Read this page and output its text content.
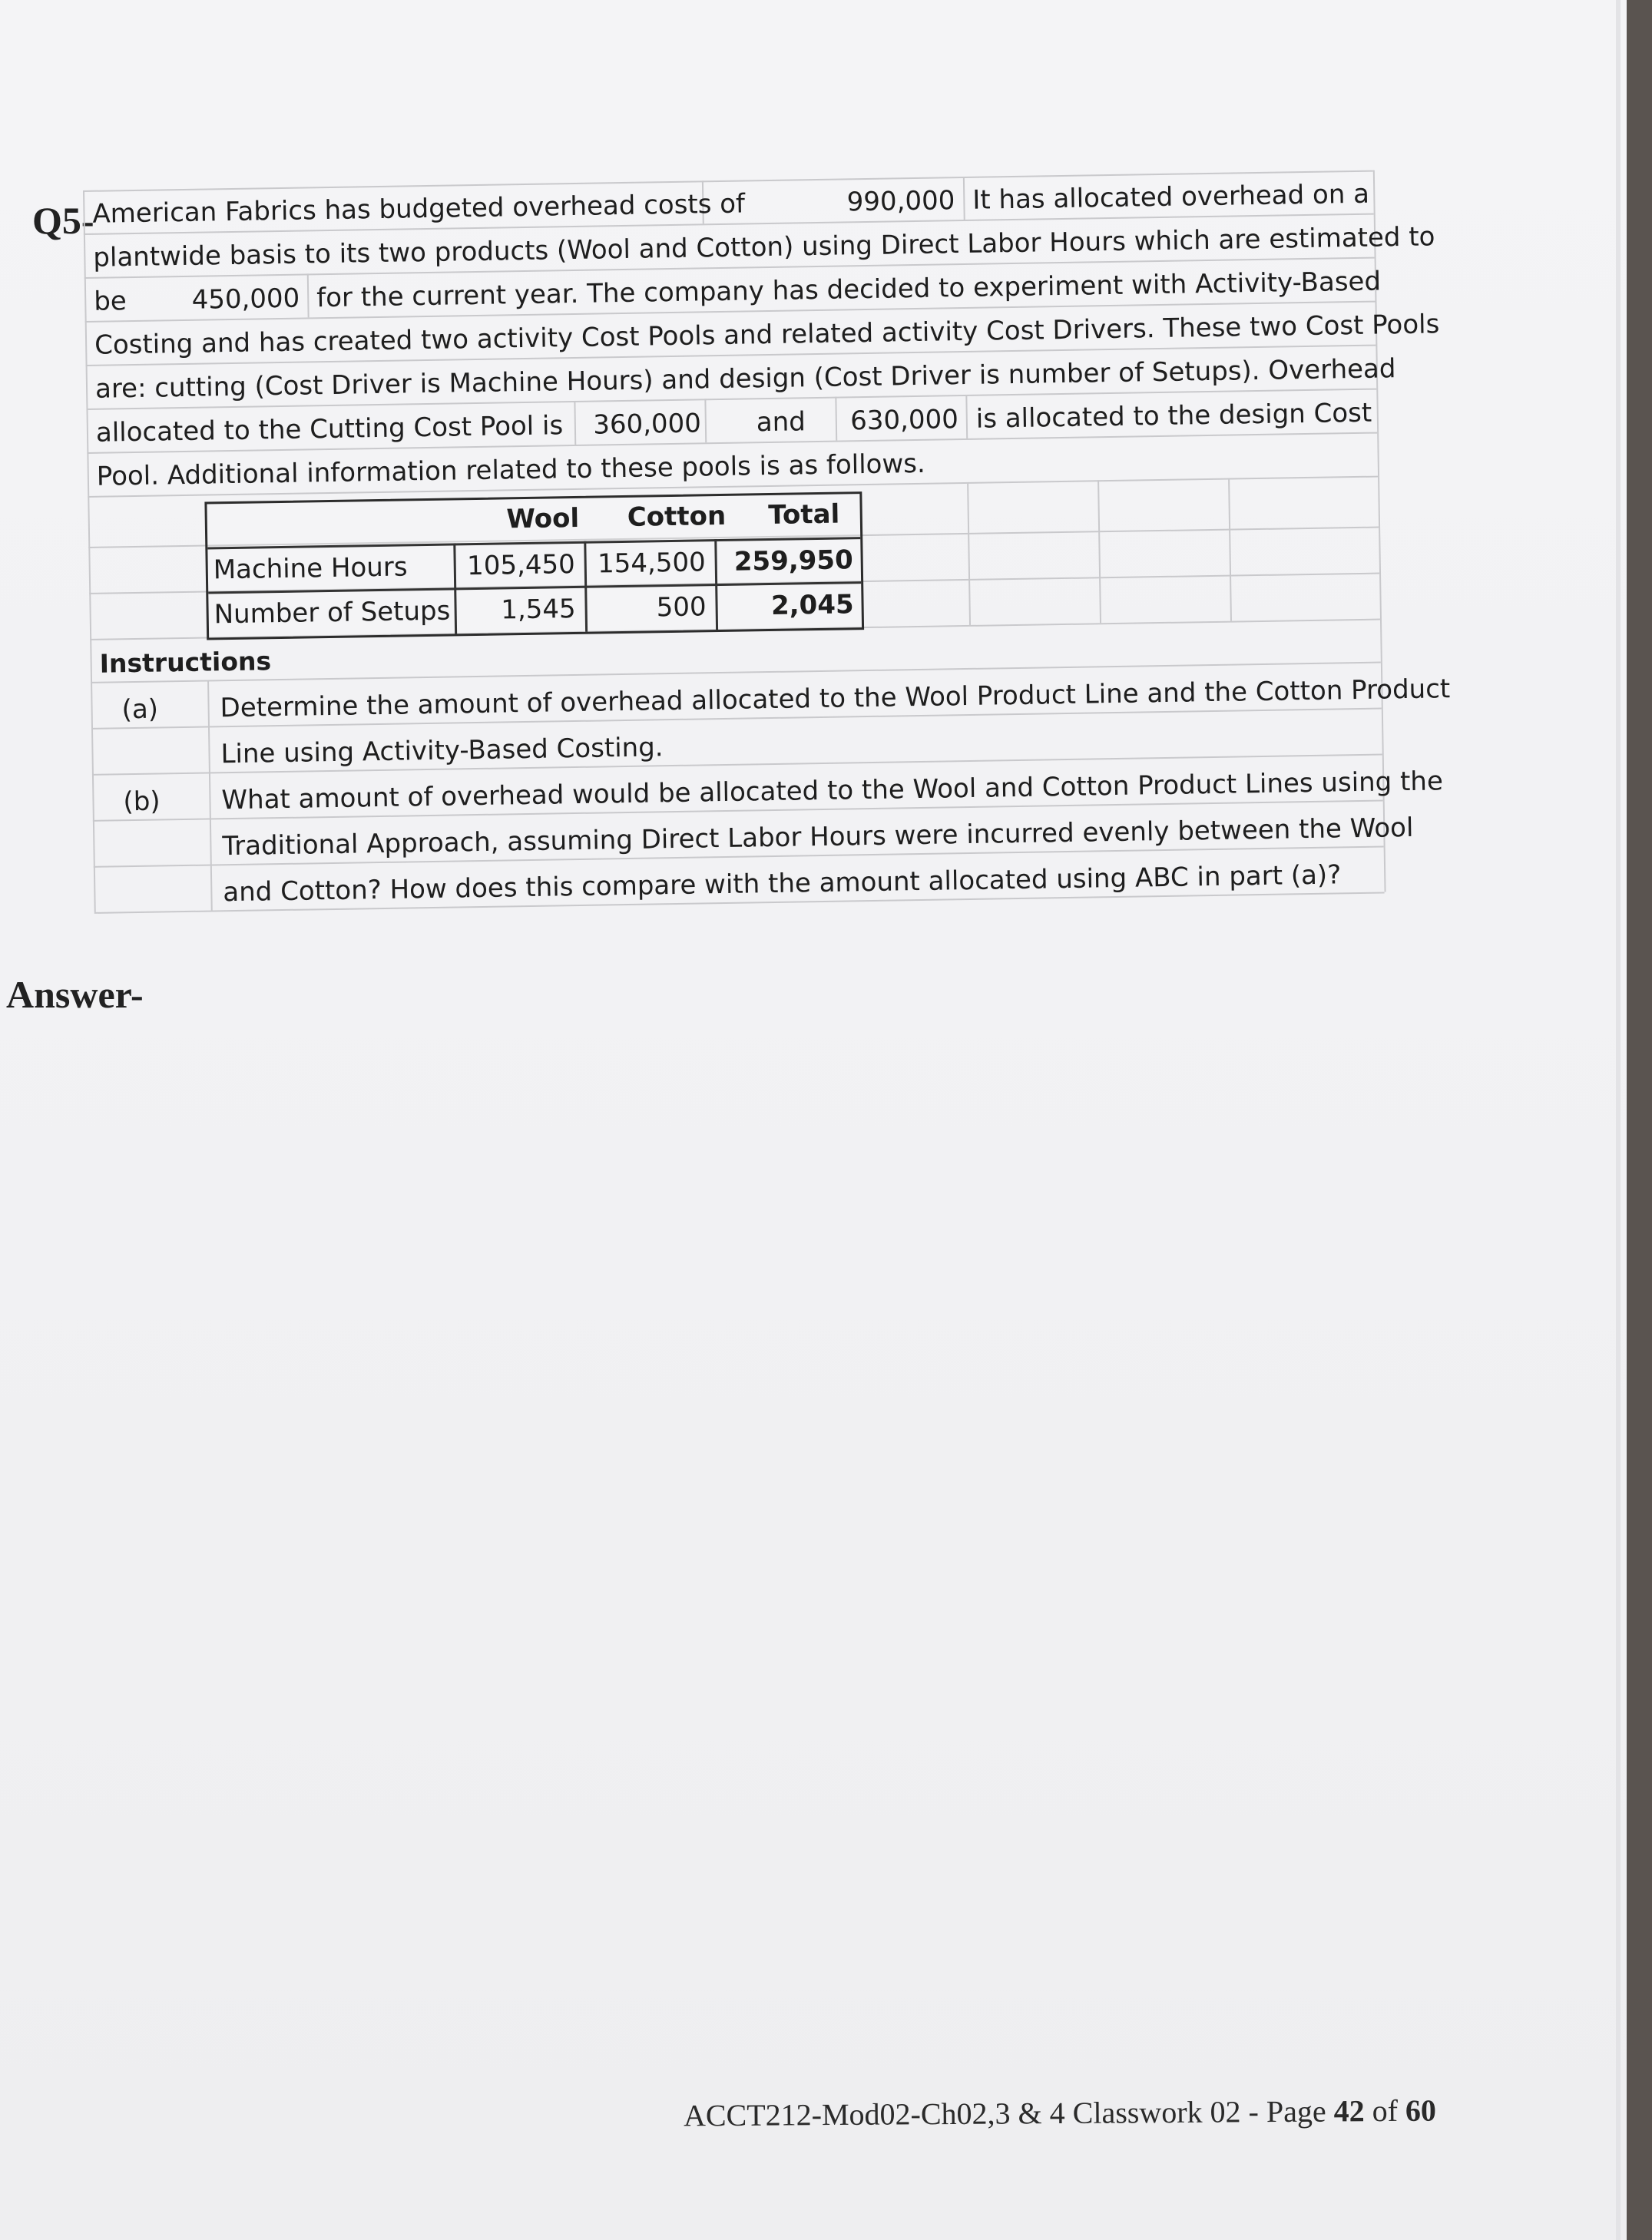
Q5-
American Fabrics has budgeted overhead costs of	990,000 It has allocated overhead on a
plantwide basis to its two products (Wool and Cotton) using Direct Labor Hours which are estimated to
be	450,000 for the current year. The company has decided to experiment with Activity-Based
Costing and has created two activity Cost Pools and related activity Cost Drivers. These two Cost Pools
are: cutting (Cost Driver is Machine Hours) and design (Cost Driver is number of Setups). Overhead
allocated to the Cutting Cost Pool is	360,000 and	630,000 is allocated to the design Cost
Pool. Additional information related to these pools is as follows.
Wool	Cotton	Total
Machine Hours	105,450 154,500	259,950
Number of Setups	1,545	500	2,045
Instructions
(a) Determine the amount of overhead allocated to the Wool Product Line and the Cotton Product
Line using Activity-Based Costing.
(b) What amount of overhead would be allocated to the Wool and Cotton Product Lines using the
Traditional Approach, assuming Direct Labor Hours were incurred evenly between the Wool
and Cotton? How does this compare with the amount allocated using ABC in part (a)?
Answer-
ACCT212-Mod02-Ch02,3 & 4 Classwork 02 - Page 42 of 60
